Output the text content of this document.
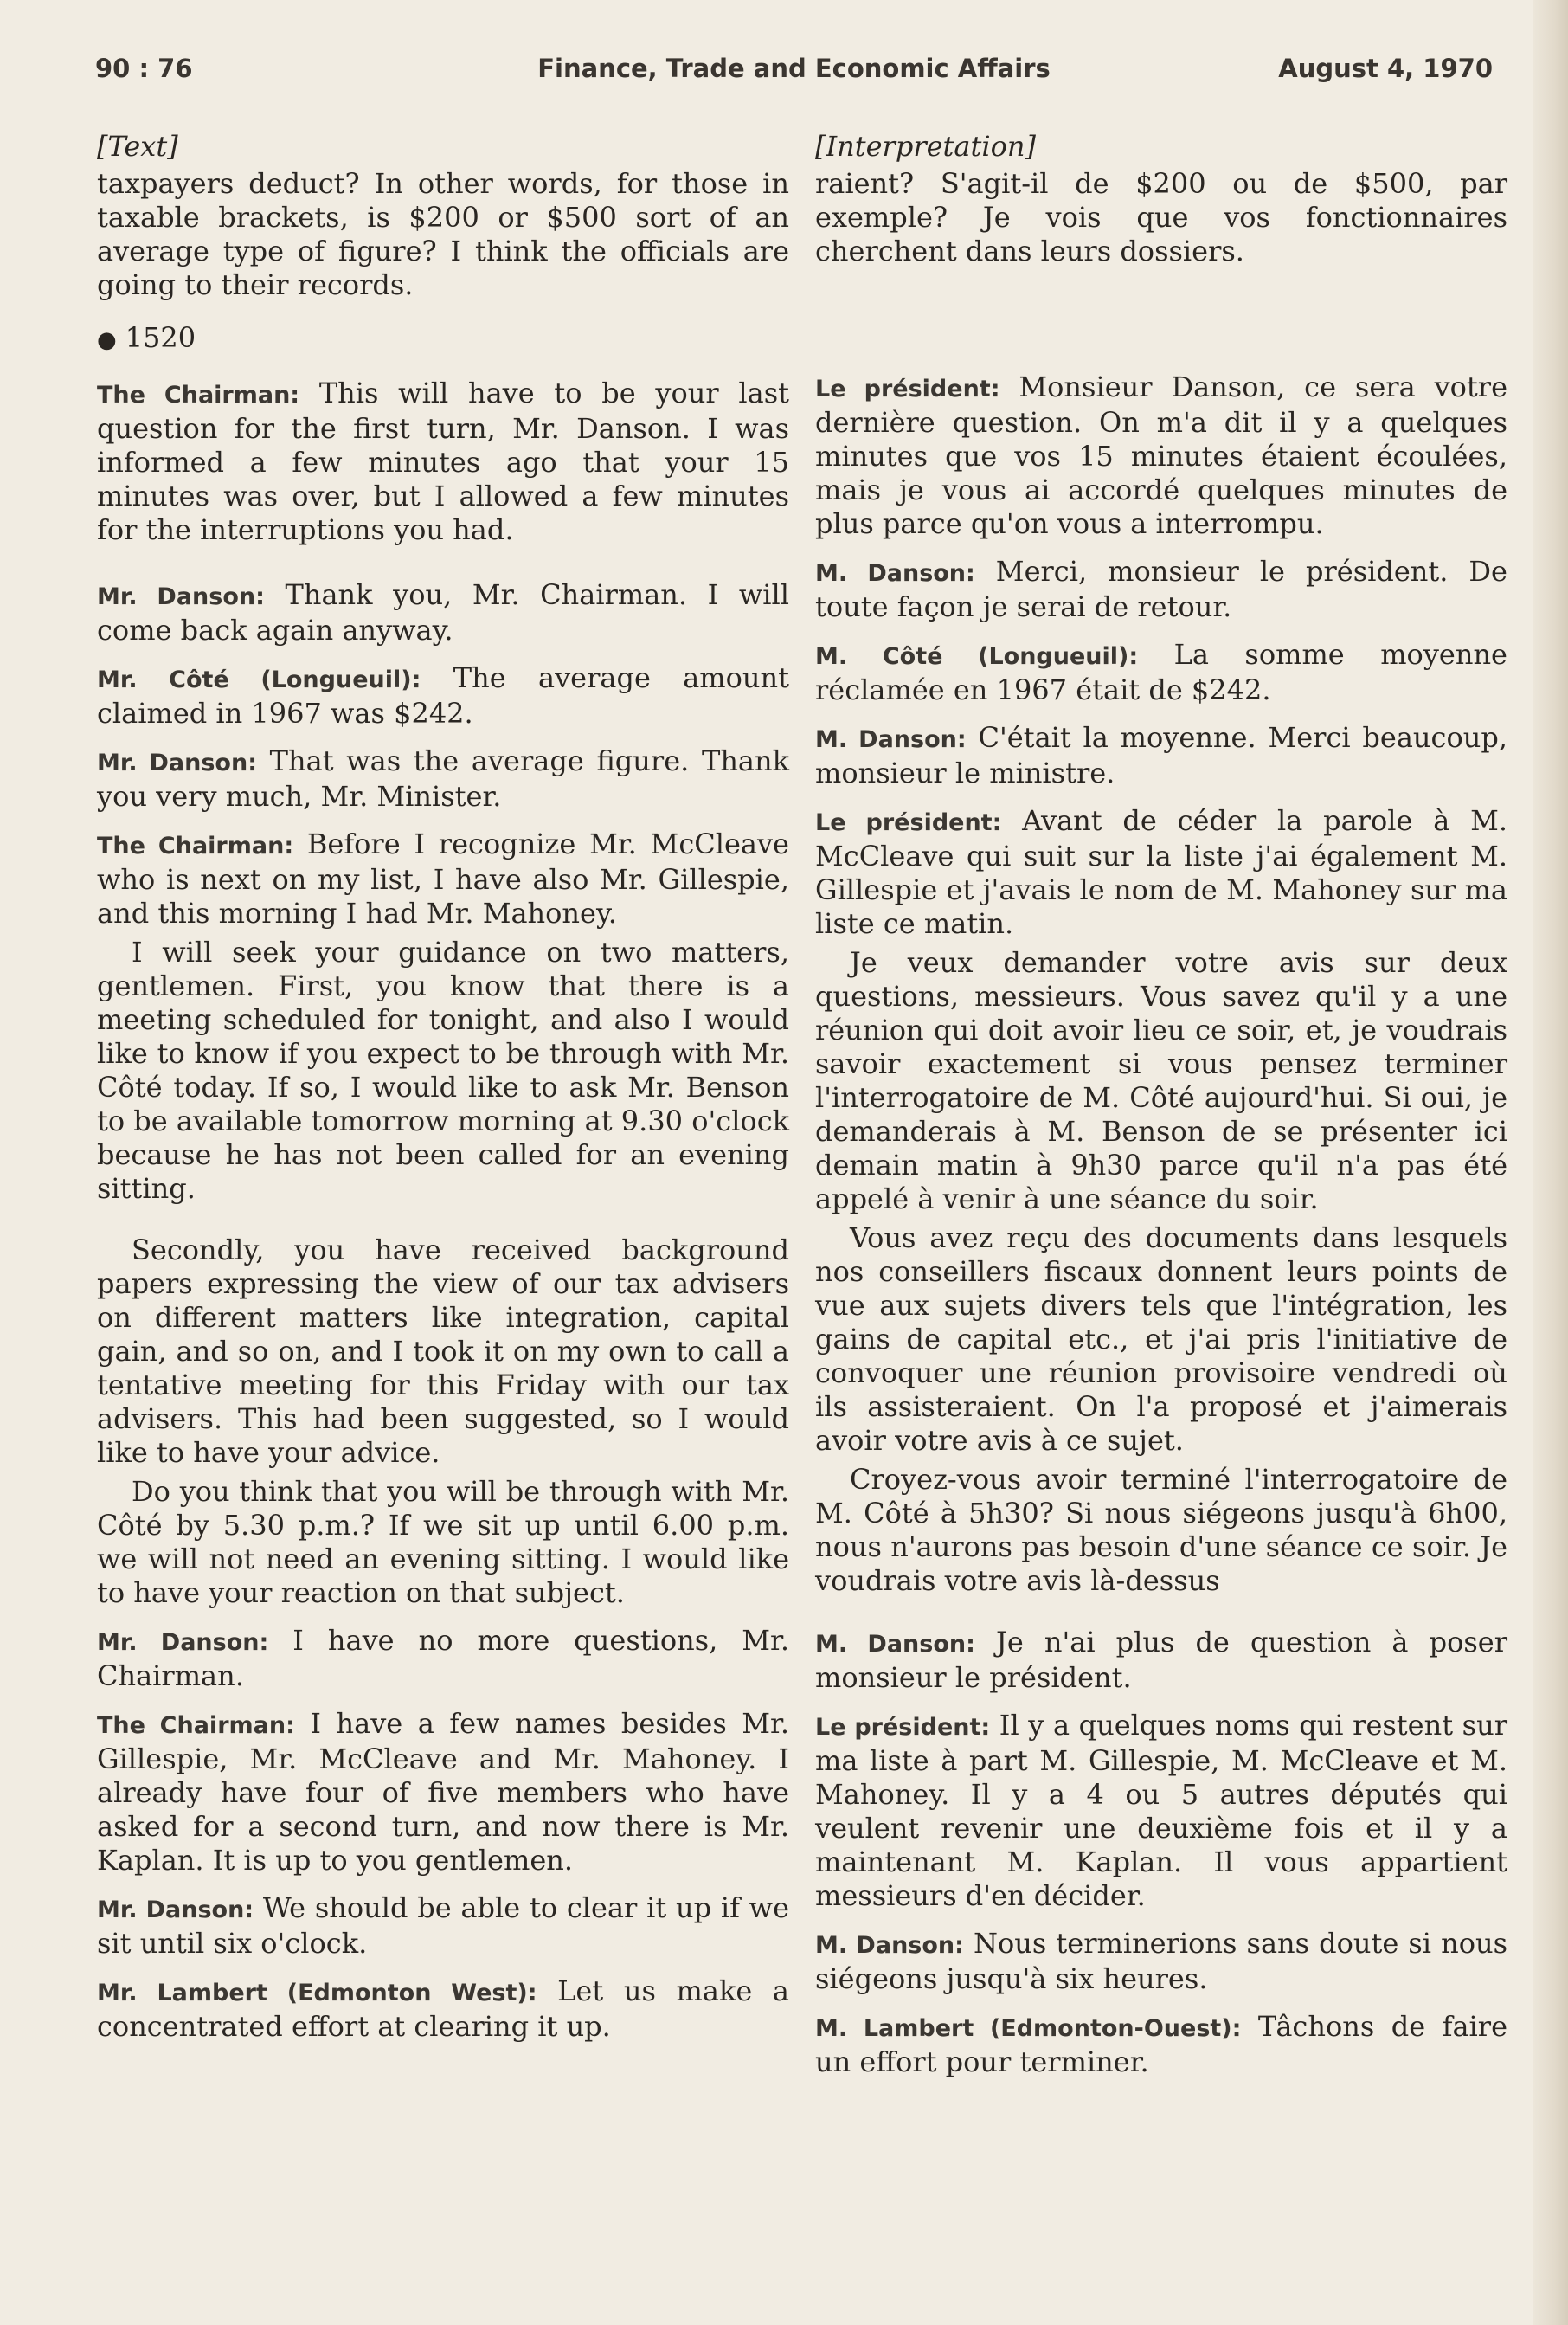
90 : 76	Finance, Trade and Economic Affairs	August 4, 1970

[Text]

taxpayers deduct? In other words, for those in taxable brackets, is $200 or $500 sort of an average type of figure? I think the officials are going to their records.

● 1520

The Chairman: This will have to be your last question for the first turn, Mr. Danson. I was informed a few minutes ago that your 15 minutes was over, but I allowed a few minutes for the interruptions you had.

Mr. Danson: Thank you, Mr. Chairman. I will come back again anyway.

Mr. Côté (Longueuil): The average amount claimed in 1967 was $242.

Mr. Danson: That was the average figure. Thank you very much, Mr. Minister.

The Chairman: Before I recognize Mr. McCleave who is next on my list, I have also Mr. Gillespie, and this morning I had Mr. Mahoney.

I will seek your guidance on two matters, gentlemen. First, you know that there is a meeting scheduled for tonight, and also I would like to know if you expect to be through with Mr. Côté today. If so, I would like to ask Mr. Benson to be available tomorrow morning at 9.30 o'clock because he has not been called for an evening sitting.

Secondly, you have received background papers expressing the view of our tax advisers on different matters like integration, capital gain, and so on, and I took it on my own to call a tentative meeting for this Friday with our tax advisers. This had been suggested, so I would like to have your advice.

Do you think that you will be through with Mr. Côté by 5.30 p.m.? If we sit up until 6.00 p.m. we will not need an evening sitting. I would like to have your reaction on that subject.

Mr. Danson: I have no more questions, Mr. Chairman.

The Chairman: I have a few names besides Mr. Gillespie, Mr. McCleave and Mr. Mahoney. I already have four of five members who have asked for a second turn, and now there is Mr. Kaplan. It is up to you gentlemen.

Mr. Danson: We should be able to clear it up if we sit until six o'clock.

Mr. Lambert (Edmonton West): Let us make a concentrated effort at clearing it up.

[Interpretation]

raient? S'agit-il de $200 ou de $500, par exemple? Je vois que vos fonctionnaires cherchent dans leurs dossiers.

Le président: Monsieur Danson, ce sera votre dernière question. On m'a dit il y a quelques minutes que vos 15 minutes étaient écoulées, mais je vous ai accordé quelques minutes de plus parce qu'on vous a interrompu.

M. Danson: Merci, monsieur le président. De toute façon je serai de retour.

M. Côté (Longueuil): La somme moyenne réclamée en 1967 était de $242.

M. Danson: C'était la moyenne. Merci beaucoup, monsieur le ministre.

Le président: Avant de céder la parole à M. McCleave qui suit sur la liste j'ai également M. Gillespie et j'avais le nom de M. Mahoney sur ma liste ce matin.

Je veux demander votre avis sur deux questions, messieurs. Vous savez qu'il y a une réunion qui doit avoir lieu ce soir, et, je voudrais savoir exactement si vous pensez terminer l'interrogatoire de M. Côté aujourd'hui. Si oui, je demanderais à M. Benson de se présenter ici demain matin à 9h30 parce qu'il n'a pas été appelé à venir à une séance du soir.

Vous avez reçu des documents dans lesquels nos conseillers fiscaux donnent leurs points de vue aux sujets divers tels que l'intégration, les gains de capital etc., et j'ai pris l'initiative de convoquer une réunion provisoire vendredi où ils assisteraient. On l'a proposé et j'aimerais avoir votre avis à ce sujet.

Croyez-vous avoir terminé l'interrogatoire de M. Côté à 5h30? Si nous siégeons jusqu'à 6h00, nous n'aurons pas besoin d'une séance ce soir. Je voudrais votre avis là-dessus

M. Danson: Je n'ai plus de question à poser monsieur le président.

Le président: Il y a quelques noms qui restent sur ma liste à part M. Gillespie, M. McCleave et M. Mahoney. Il y a 4 ou 5 autres députés qui veulent revenir une deuxième fois et il y a maintenant M. Kaplan. Il vous appartient messieurs d'en décider.

M. Danson: Nous terminerions sans doute si nous siégeons jusqu'à six heures.

M. Lambert (Edmonton-Ouest): Tâchons de faire un effort pour terminer.
